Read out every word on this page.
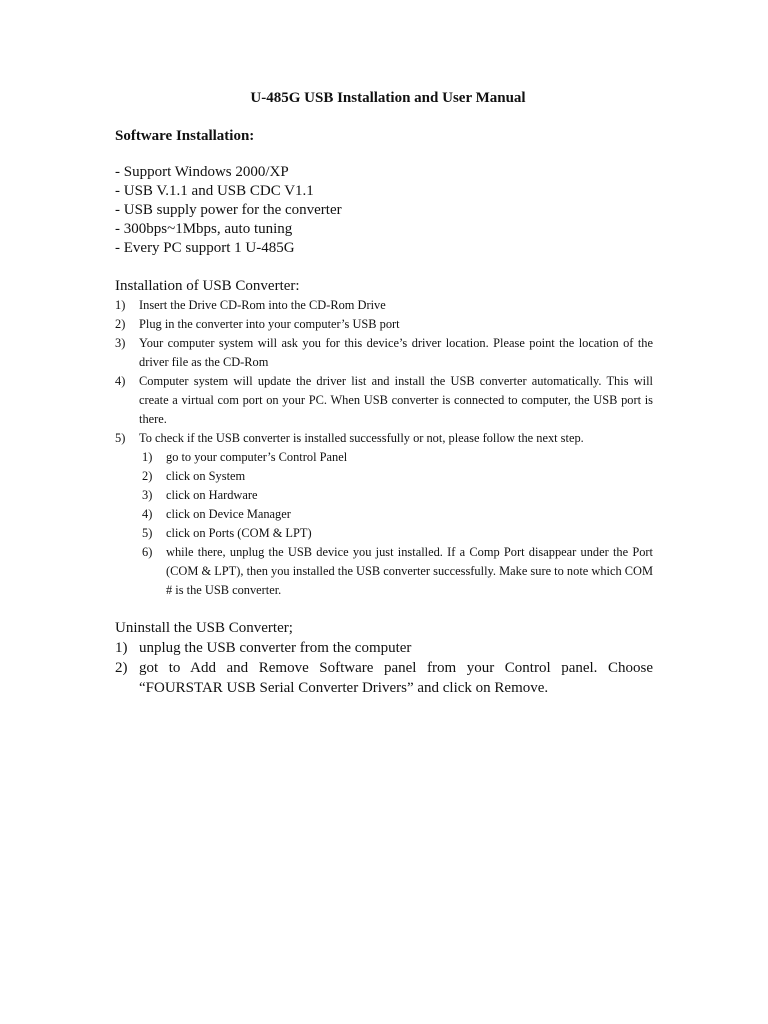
U-485G USB Installation and User Manual
Software Installation:
- Support Windows 2000/XP
- USB V.1.1 and USB CDC V1.1
- USB supply power for the converter
- 300bps~1Mbps, auto tuning
- Every PC support 1 U-485G
Installation of USB Converter:
1) Insert the Drive CD-Rom into the CD-Rom Drive
2) Plug in the converter into your computer’s USB port
3) Your computer system will ask you for this device’s driver location. Please point the location of the driver file as the CD-Rom
4) Computer system will update the driver list and install the USB converter automatically. This will create a virtual com port on your PC. When USB converter is connected to computer, the USB port is there.
5) To check if the USB converter is installed successfully or not, please follow the next step.
1) go to your computer’s Control Panel
2) click on System
3) click on Hardware
4) click on Device Manager
5) click on Ports (COM & LPT)
6) while there, unplug the USB device you just installed. If a Comp Port disappear under the Port (COM & LPT), then you installed the USB converter successfully. Make sure to note which COM # is the USB converter.
Uninstall the USB Converter;
1) unplug the USB converter from the computer
2) got to Add and Remove Software panel from your Control panel. Choose “FOURSTAR USB Serial Converter Drivers” and click on Remove.
